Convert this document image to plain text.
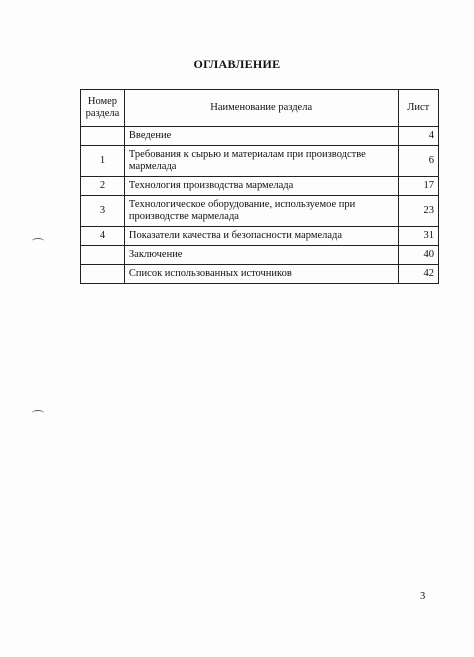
ОГЛАВЛЕНИЕ
Номер раздела	Наименование раздела	Лист
	Введение	4
1	Требования к сырью и материалам при производстве мармелада	6
2	Технология производства мармелада	17
3	Технологическое оборудование, используемое при производстве мармелада	23
4	Показатели качества и безопасности мармелада	31
	Заключение	40
	Список использованных источников	42
3
